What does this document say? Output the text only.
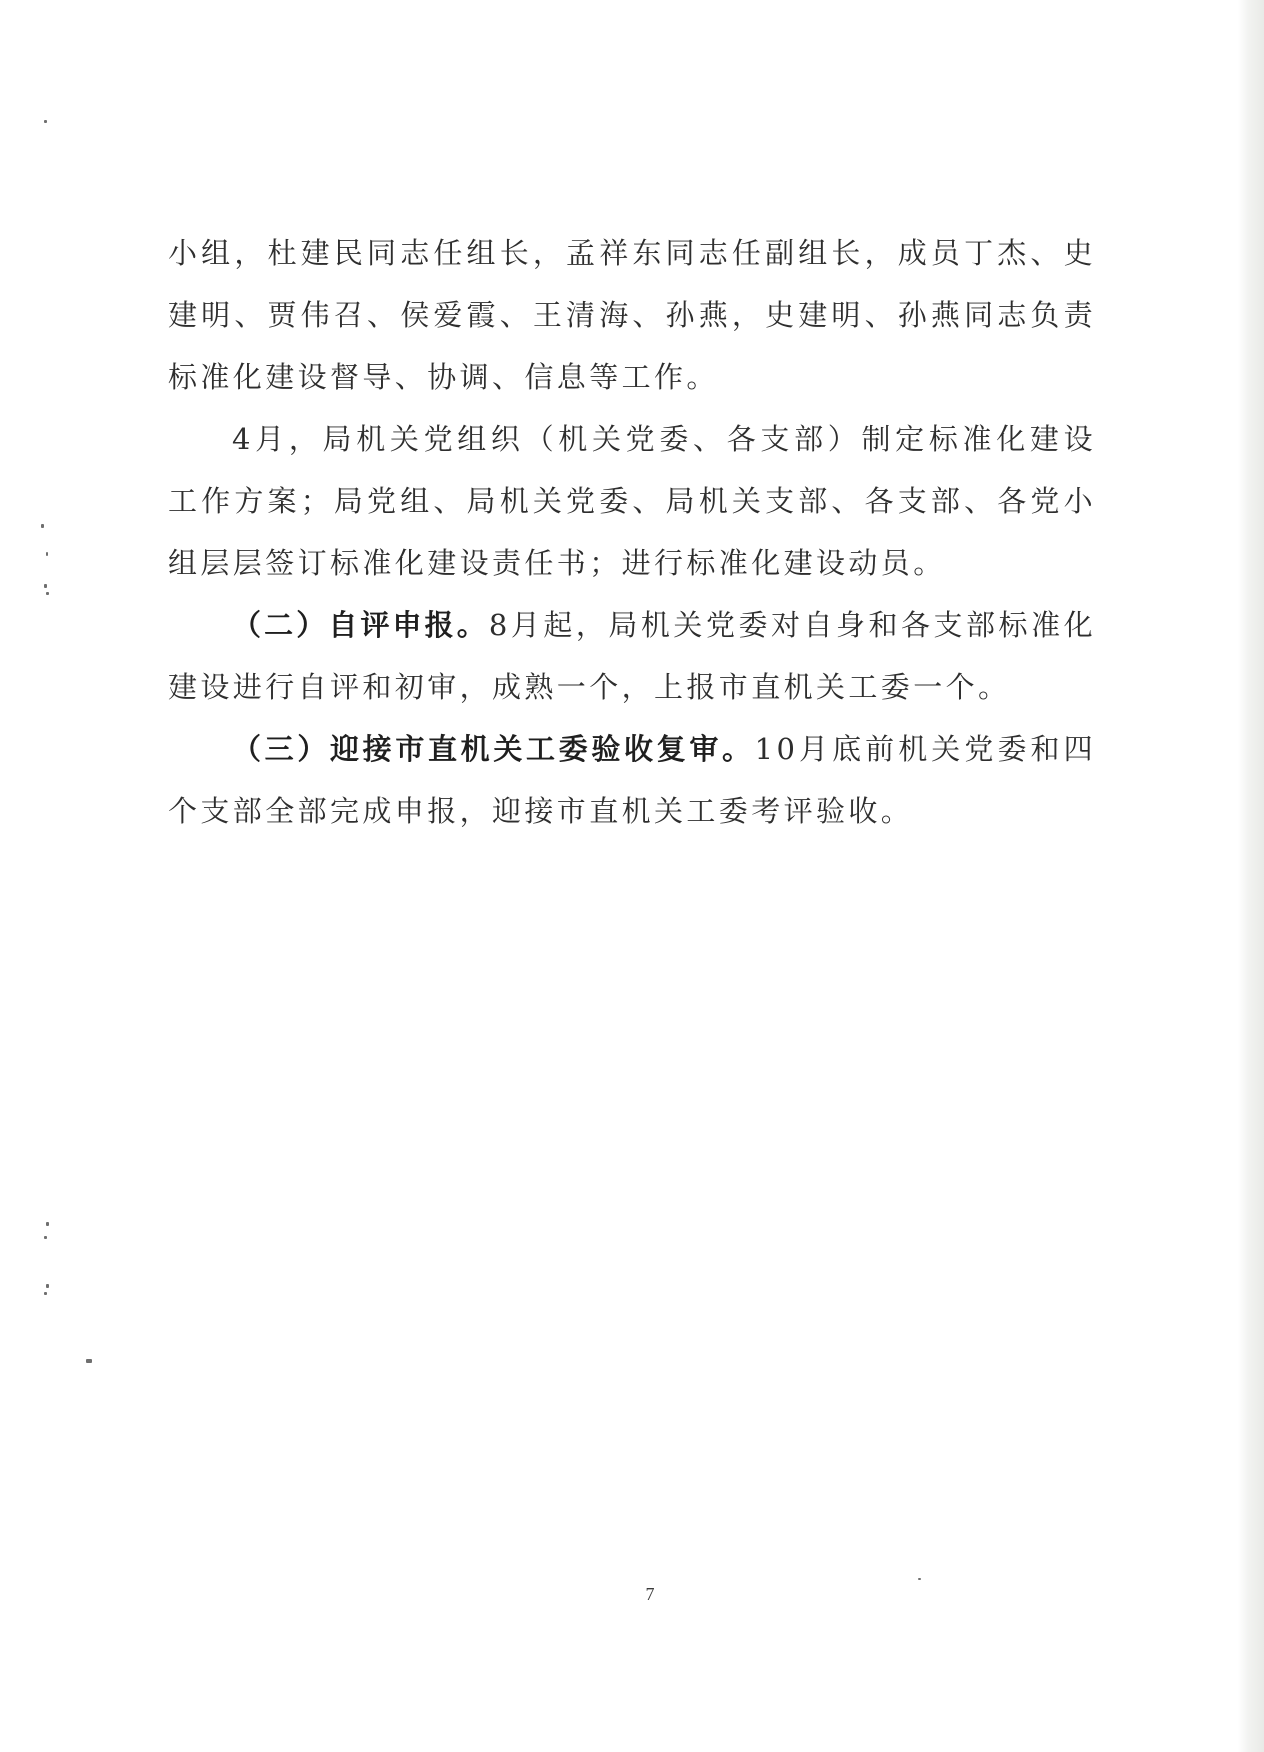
小组，杜建民同志任组长，孟祥东同志任副组长，成员丁杰、史建明、贾伟召、侯爱霞、王清海、孙燕，史建明、孙燕同志负责标准化建设督导、协调、信息等工作。

4月，局机关党组织（机关党委、各支部）制定标准化建设工作方案；局党组、局机关党委、局机关支部、各支部、各党小组层层签订标准化建设责任书；进行标准化建设动员。

（二）自评申报。8月起，局机关党委对自身和各支部标准化建设进行自评和初审，成熟一个，上报市直机关工委一个。

（三）迎接市直机关工委验收复审。10月底前机关党委和四个支部全部完成申报，迎接市直机关工委考评验收。

7
